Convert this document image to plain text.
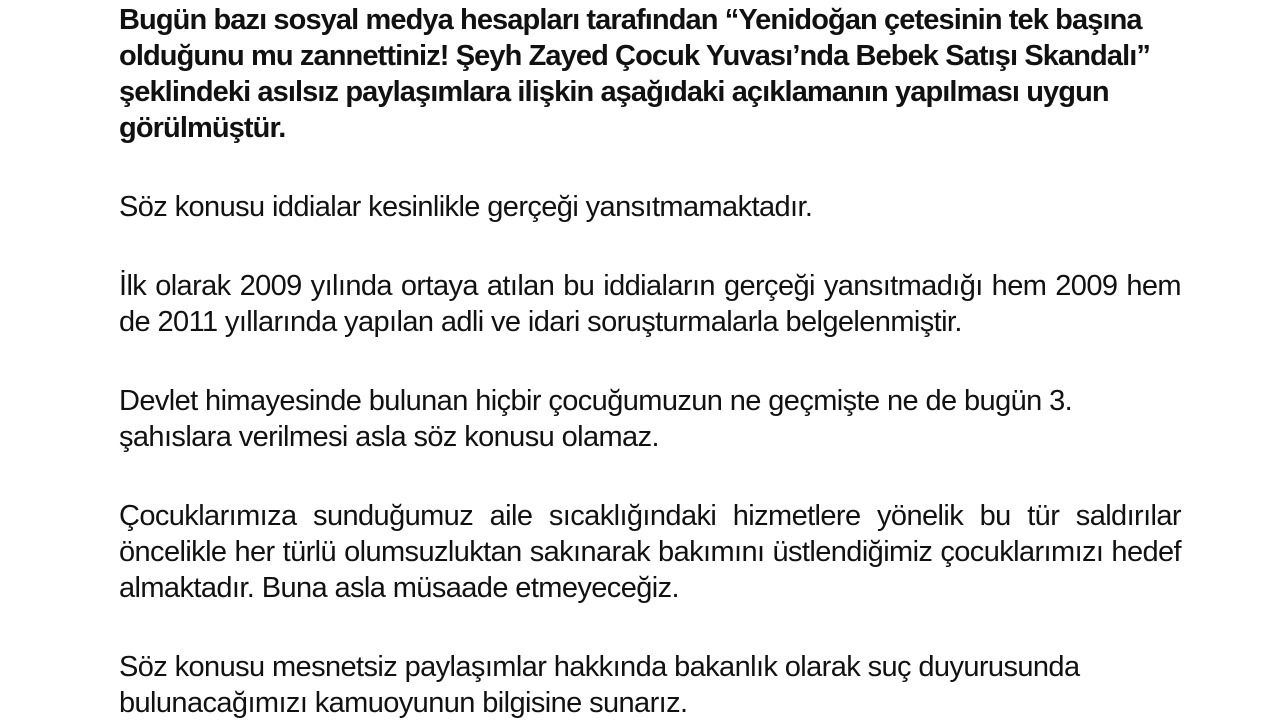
Bugün bazı sosyal medya hesapları tarafından “Yenidoğan çetesinin tek başına olduğunu mu zannettiniz! Şeyh Zayed Çocuk Yuvası’nda Bebek Satışı Skandalı” şeklindeki asılsız paylaşımlara ilişkin aşağıdaki açıklamanın yapılması uygun görülmüştür.

Söz konusu iddialar kesinlikle gerçeği yansıtmamaktadır.

İlk olarak 2009 yılında ortaya atılan bu iddiaların gerçeği yansıtmadığı hem 2009 hem de 2011 yıllarında yapılan adli ve idari soruşturmalarla belgelenmiştir.

Devlet himayesinde bulunan hiçbir çocuğumuzun ne geçmişte ne de bugün 3. şahıslara verilmesi asla söz konusu olamaz.

Çocuklarımıza sunduğumuz aile sıcaklığındaki hizmetlere yönelik bu tür saldırılar öncelikle her türlü olumsuzluktan sakınarak bakımını üstlendiğimiz çocuklarımızı hedef almaktadır. Buna asla müsaade etmeyeceğiz.

Söz konusu mesnetsiz paylaşımlar hakkında bakanlık olarak suç duyurusunda bulunacağımızı kamuoyunun bilgisine sunarız.
